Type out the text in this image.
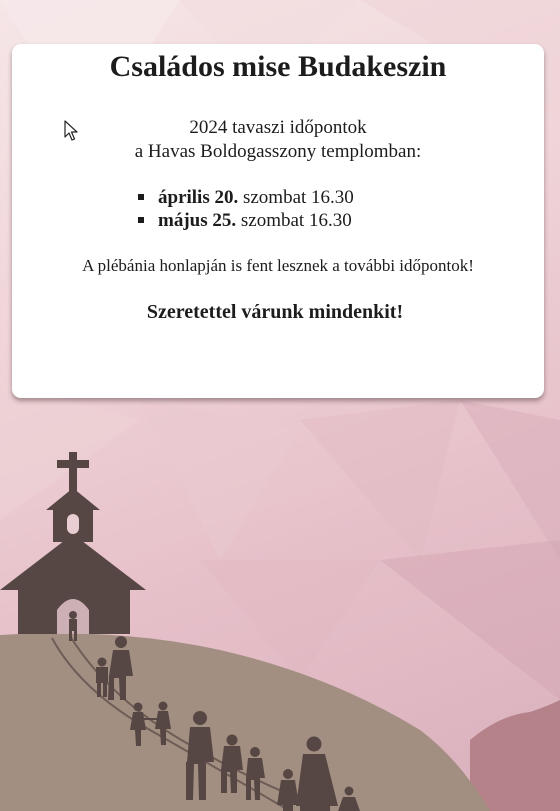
Családos mise Budakeszin
2024 tavaszi időpontok
a Havas Boldogasszony templomban:
április 20. szombat 16.30
május 25. szombat 16.30
A plébánia honlapján is fent lesznek a további időpontok!
Szeretettel várunk mindenkit!
